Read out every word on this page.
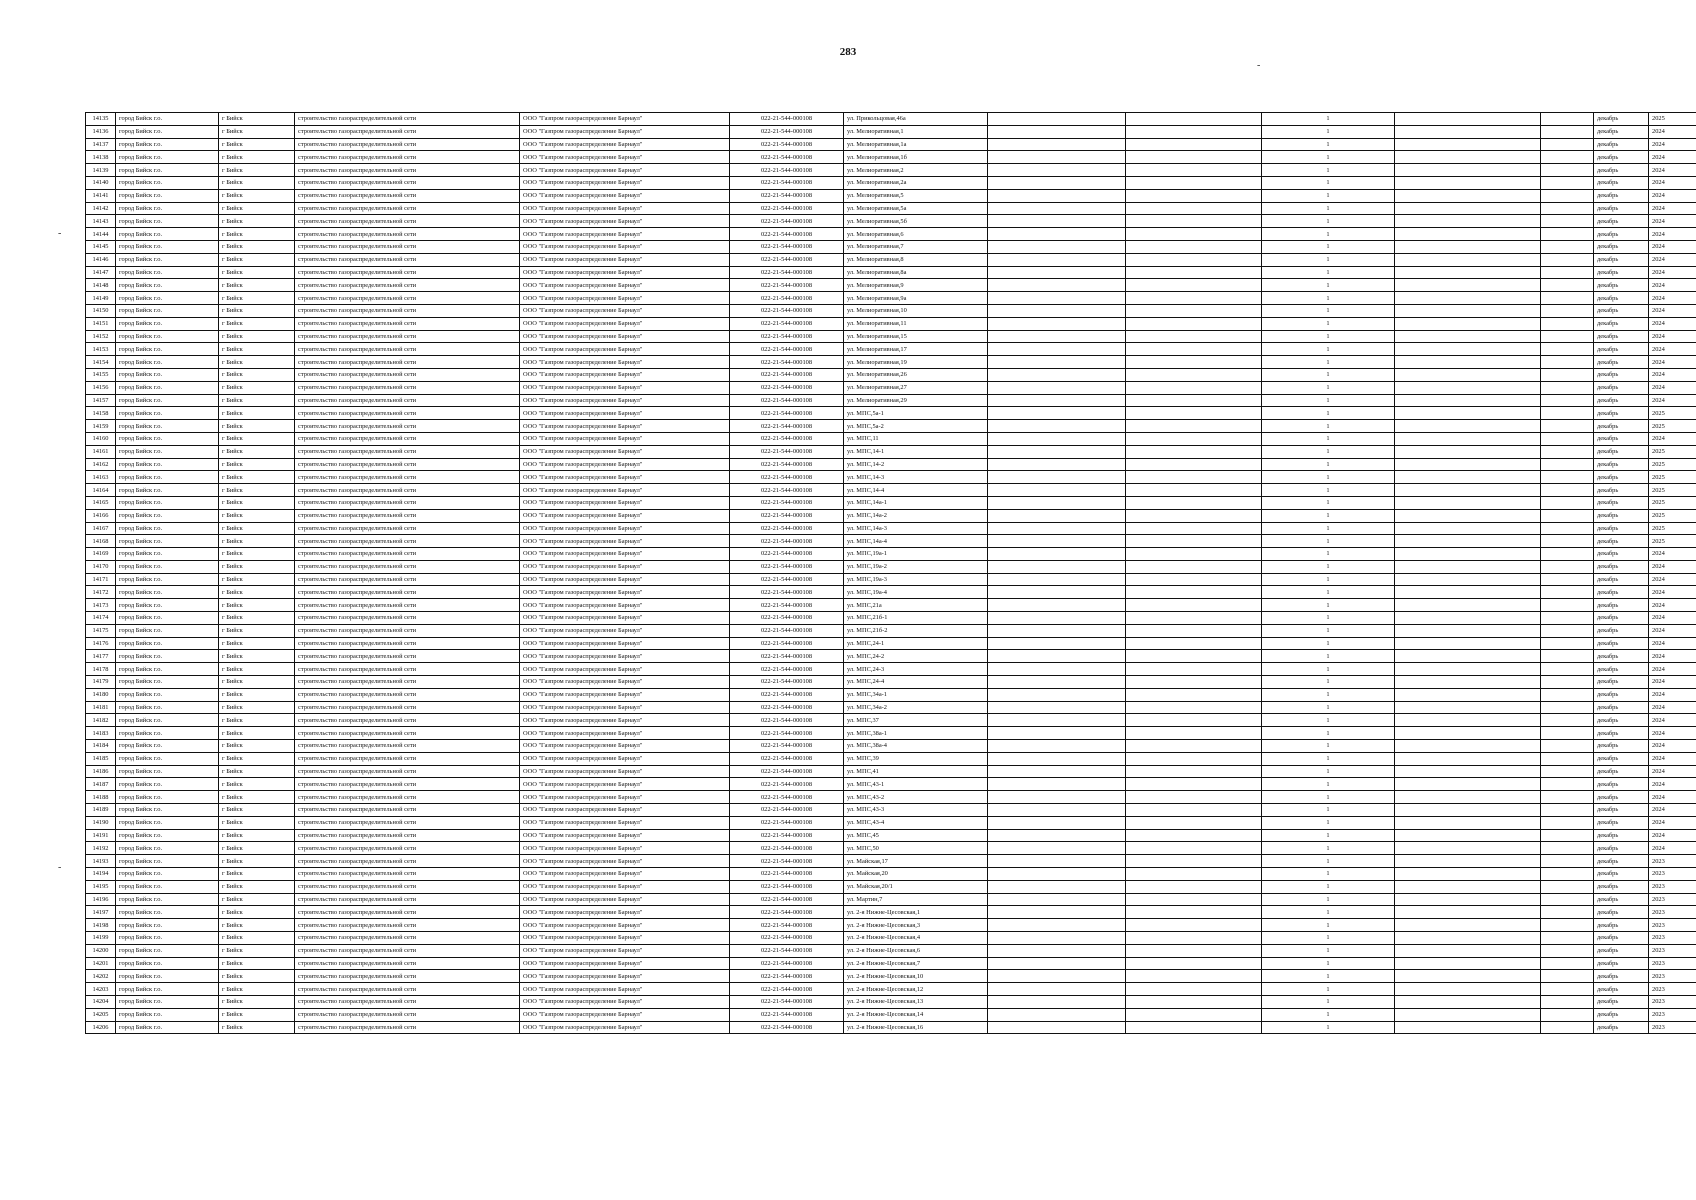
283
-
-
-
14135	город Бийск г.о.	г Бийск	строительство газораспределительной сети	ООО "Газпром газораспределение Барнаул"	022-21-544-000108	ул. Прикольцовая,46а			1			декабрь	2025
14136	город Бийск г.о.	г Бийск	строительство газораспределительной сети	ООО "Газпром газораспределение Барнаул"	022-21-544-000108	ул. Мелиоративная,1			1			декабрь	2024
14137	город Бийск г.о.	г Бийск	строительство газораспределительной сети	ООО "Газпром газораспределение Барнаул"	022-21-544-000108	ул. Мелиоративная,1а			1			декабрь	2024
14138	город Бийск г.о.	г Бийск	строительство газораспределительной сети	ООО "Газпром газораспределение Барнаул"	022-21-544-000108	ул. Мелиоративная,1б			1			декабрь	2024
14139	город Бийск г.о.	г Бийск	строительство газораспределительной сети	ООО "Газпром газораспределение Барнаул"	022-21-544-000108	ул. Мелиоративная,2			1			декабрь	2024
14140	город Бийск г.о.	г Бийск	строительство газораспределительной сети	ООО "Газпром газораспределение Барнаул"	022-21-544-000108	ул. Мелиоративная,2а			1			декабрь	2024
14141	город Бийск г.о.	г Бийск	строительство газораспределительной сети	ООО "Газпром газораспределение Барнаул"	022-21-544-000108	ул. Мелиоративная,5			1			декабрь	2024
14142	город Бийск г.о.	г Бийск	строительство газораспределительной сети	ООО "Газпром газораспределение Барнаул"	022-21-544-000108	ул. Мелиоративная,5а			1			декабрь	2024
14143	город Бийск г.о.	г Бийск	строительство газораспределительной сети	ООО "Газпром газораспределение Барнаул"	022-21-544-000108	ул. Мелиоративная,5б			1			декабрь	2024
14144	город Бийск г.о.	г Бийск	строительство газораспределительной сети	ООО "Газпром газораспределение Барнаул"	022-21-544-000108	ул. Мелиоративная,6			1			декабрь	2024
14145	город Бийск г.о.	г Бийск	строительство газораспределительной сети	ООО "Газпром газораспределение Барнаул"	022-21-544-000108	ул. Мелиоративная,7			1			декабрь	2024
14146	город Бийск г.о.	г Бийск	строительство газораспределительной сети	ООО "Газпром газораспределение Барнаул"	022-21-544-000108	ул. Мелиоративная,8			1			декабрь	2024
14147	город Бийск г.о.	г Бийск	строительство газораспределительной сети	ООО "Газпром газораспределение Барнаул"	022-21-544-000108	ул. Мелиоративная,8а			1			декабрь	2024
14148	город Бийск г.о.	г Бийск	строительство газораспределительной сети	ООО "Газпром газораспределение Барнаул"	022-21-544-000108	ул. Мелиоративная,9			1			декабрь	2024
14149	город Бийск г.о.	г Бийск	строительство газораспределительной сети	ООО "Газпром газораспределение Барнаул"	022-21-544-000108	ул. Мелиоративная,9а			1			декабрь	2024
14150	город Бийск г.о.	г Бийск	строительство газораспределительной сети	ООО "Газпром газораспределение Барнаул"	022-21-544-000108	ул. Мелиоративная,10			1			декабрь	2024
14151	город Бийск г.о.	г Бийск	строительство газораспределительной сети	ООО "Газпром газораспределение Барнаул"	022-21-544-000108	ул. Мелиоративная,11			1			декабрь	2024
14152	город Бийск г.о.	г Бийск	строительство газораспределительной сети	ООО "Газпром газораспределение Барнаул"	022-21-544-000108	ул. Мелиоративная,15			1			декабрь	2024
14153	город Бийск г.о.	г Бийск	строительство газораспределительной сети	ООО "Газпром газораспределение Барнаул"	022-21-544-000108	ул. Мелиоративная,17			1			декабрь	2024
14154	город Бийск г.о.	г Бийск	строительство газораспределительной сети	ООО "Газпром газораспределение Барнаул"	022-21-544-000108	ул. Мелиоративная,19			1			декабрь	2024
14155	город Бийск г.о.	г Бийск	строительство газораспределительной сети	ООО "Газпром газораспределение Барнаул"	022-21-544-000108	ул. Мелиоративная,26			1			декабрь	2024
14156	город Бийск г.о.	г Бийск	строительство газораспределительной сети	ООО "Газпром газораспределение Барнаул"	022-21-544-000108	ул. Мелиоративная,27			1			декабрь	2024
14157	город Бийск г.о.	г Бийск	строительство газораспределительной сети	ООО "Газпром газораспределение Барнаул"	022-21-544-000108	ул. Мелиоративная,29			1			декабрь	2024
14158	город Бийск г.о.	г Бийск	строительство газораспределительной сети	ООО "Газпром газораспределение Барнаул"	022-21-544-000108	ул. МПС,5а-1			1			декабрь	2025
14159	город Бийск г.о.	г Бийск	строительство газораспределительной сети	ООО "Газпром газораспределение Барнаул"	022-21-544-000108	ул. МПС,5а-2			1			декабрь	2025
14160	город Бийск г.о.	г Бийск	строительство газораспределительной сети	ООО "Газпром газораспределение Барнаул"	022-21-544-000108	ул. МПС,11			1			декабрь	2024
14161	город Бийск г.о.	г Бийск	строительство газораспределительной сети	ООО "Газпром газораспределение Барнаул"	022-21-544-000108	ул. МПС,14-1			1			декабрь	2025
14162	город Бийск г.о.	г Бийск	строительство газораспределительной сети	ООО "Газпром газораспределение Барнаул"	022-21-544-000108	ул. МПС,14-2			1			декабрь	2025
14163	город Бийск г.о.	г Бийск	строительство газораспределительной сети	ООО "Газпром газораспределение Барнаул"	022-21-544-000108	ул. МПС,14-3			1			декабрь	2025
14164	город Бийск г.о.	г Бийск	строительство газораспределительной сети	ООО "Газпром газораспределение Барнаул"	022-21-544-000108	ул. МПС,14-4			1			декабрь	2025
14165	город Бийск г.о.	г Бийск	строительство газораспределительной сети	ООО "Газпром газораспределение Барнаул"	022-21-544-000108	ул. МПС,14а-1			1			декабрь	2025
14166	город Бийск г.о.	г Бийск	строительство газораспределительной сети	ООО "Газпром газораспределение Барнаул"	022-21-544-000108	ул. МПС,14а-2			1			декабрь	2025
14167	город Бийск г.о.	г Бийск	строительство газораспределительной сети	ООО "Газпром газораспределение Барнаул"	022-21-544-000108	ул. МПС,14а-3			1			декабрь	2025
14168	город Бийск г.о.	г Бийск	строительство газораспределительной сети	ООО "Газпром газораспределение Барнаул"	022-21-544-000108	ул. МПС,14а-4			1			декабрь	2025
14169	город Бийск г.о.	г Бийск	строительство газораспределительной сети	ООО "Газпром газораспределение Барнаул"	022-21-544-000108	ул. МПС,19а-1			1			декабрь	2024
14170	город Бийск г.о.	г Бийск	строительство газораспределительной сети	ООО "Газпром газораспределение Барнаул"	022-21-544-000108	ул. МПС,19а-2			1			декабрь	2024
14171	город Бийск г.о.	г Бийск	строительство газораспределительной сети	ООО "Газпром газораспределение Барнаул"	022-21-544-000108	ул. МПС,19а-3			1			декабрь	2024
14172	город Бийск г.о.	г Бийск	строительство газораспределительной сети	ООО "Газпром газораспределение Барнаул"	022-21-544-000108	ул. МПС,19а-4			1			декабрь	2024
14173	город Бийск г.о.	г Бийск	строительство газораспределительной сети	ООО "Газпром газораспределение Барнаул"	022-21-544-000108	ул. МПС,21а			1			декабрь	2024
14174	город Бийск г.о.	г Бийск	строительство газораспределительной сети	ООО "Газпром газораспределение Барнаул"	022-21-544-000108	ул. МПС,21б-1			1			декабрь	2024
14175	город Бийск г.о.	г Бийск	строительство газораспределительной сети	ООО "Газпром газораспределение Барнаул"	022-21-544-000108	ул. МПС,21б-2			1			декабрь	2024
14176	город Бийск г.о.	г Бийск	строительство газораспределительной сети	ООО "Газпром газораспределение Барнаул"	022-21-544-000108	ул. МПС,24-1			1			декабрь	2024
14177	город Бийск г.о.	г Бийск	строительство газораспределительной сети	ООО "Газпром газораспределение Барнаул"	022-21-544-000108	ул. МПС,24-2			1			декабрь	2024
14178	город Бийск г.о.	г Бийск	строительство газораспределительной сети	ООО "Газпром газораспределение Барнаул"	022-21-544-000108	ул. МПС,24-3			1			декабрь	2024
14179	город Бийск г.о.	г Бийск	строительство газораспределительной сети	ООО "Газпром газораспределение Барнаул"	022-21-544-000108	ул. МПС,24-4			1			декабрь	2024
14180	город Бийск г.о.	г Бийск	строительство газораспределительной сети	ООО "Газпром газораспределение Барнаул"	022-21-544-000108	ул. МПС,34а-1			1			декабрь	2024
14181	город Бийск г.о.	г Бийск	строительство газораспределительной сети	ООО "Газпром газораспределение Барнаул"	022-21-544-000108	ул. МПС,34а-2			1			декабрь	2024
14182	город Бийск г.о.	г Бийск	строительство газораспределительной сети	ООО "Газпром газораспределение Барнаул"	022-21-544-000108	ул. МПС,37			1			декабрь	2024
14183	город Бийск г.о.	г Бийск	строительство газораспределительной сети	ООО "Газпром газораспределение Барнаул"	022-21-544-000108	ул. МПС,38а-1			1			декабрь	2024
14184	город Бийск г.о.	г Бийск	строительство газораспределительной сети	ООО "Газпром газораспределение Барнаул"	022-21-544-000108	ул. МПС,38а-4			1			декабрь	2024
14185	город Бийск г.о.	г Бийск	строительство газораспределительной сети	ООО "Газпром газораспределение Барнаул"	022-21-544-000108	ул. МПС,39			1			декабрь	2024
14186	город Бийск г.о.	г Бийск	строительство газораспределительной сети	ООО "Газпром газораспределение Барнаул"	022-21-544-000108	ул. МПС,41			1			декабрь	2024
14187	город Бийск г.о.	г Бийск	строительство газораспределительной сети	ООО "Газпром газораспределение Барнаул"	022-21-544-000108	ул. МПС,43-1			1			декабрь	2024
14188	город Бийск г.о.	г Бийск	строительство газораспределительной сети	ООО "Газпром газораспределение Барнаул"	022-21-544-000108	ул. МПС,43-2			1			декабрь	2024
14189	город Бийск г.о.	г Бийск	строительство газораспределительной сети	ООО "Газпром газораспределение Барнаул"	022-21-544-000108	ул. МПС,43-3			1			декабрь	2024
14190	город Бийск г.о.	г Бийск	строительство газораспределительной сети	ООО "Газпром газораспределение Барнаул"	022-21-544-000108	ул. МПС,43-4			1			декабрь	2024
14191	город Бийск г.о.	г Бийск	строительство газораспределительной сети	ООО "Газпром газораспределение Барнаул"	022-21-544-000108	ул. МПС,45			1			декабрь	2024
14192	город Бийск г.о.	г Бийск	строительство газораспределительной сети	ООО "Газпром газораспределение Барнаул"	022-21-544-000108	ул. МПС,50			1			декабрь	2024
14193	город Бийск г.о.	г Бийск	строительство газораспределительной сети	ООО "Газпром газораспределение Барнаул"	022-21-544-000108	ул. Майская,17			1			декабрь	2023
14194	город Бийск г.о.	г Бийск	строительство газораспределительной сети	ООО "Газпром газораспределение Барнаул"	022-21-544-000108	ул. Майская,20			1			декабрь	2023
14195	город Бийск г.о.	г Бийск	строительство газораспределительной сети	ООО "Газпром газораспределение Барнаул"	022-21-544-000108	ул. Майская,20/1			1			декабрь	2023
14196	город Бийск г.о.	г Бийск	строительство газораспределительной сети	ООО "Газпром газораспределение Барнаул"	022-21-544-000108	ул. Мартин,7			1			декабрь	2023
14197	город Бийск г.о.	г Бийск	строительство газораспределительной сети	ООО "Газпром газораспределение Барнаул"	022-21-544-000108	ул. 2-я Нижне-Цесовская,1			1			декабрь	2023
14198	город Бийск г.о.	г Бийск	строительство газораспределительной сети	ООО "Газпром газораспределение Барнаул"	022-21-544-000108	ул. 2-я Нижне-Цесовская,3			1			декабрь	2023
14199	город Бийск г.о.	г Бийск	строительство газораспределительной сети	ООО "Газпром газораспределение Барнаул"	022-21-544-000108	ул. 2-я Нижне-Цесовская,4			1			декабрь	2023
14200	город Бийск г.о.	г Бийск	строительство газораспределительной сети	ООО "Газпром газораспределение Барнаул"	022-21-544-000108	ул. 2-я Нижне-Цесовская,6			1			декабрь	2023
14201	город Бийск г.о.	г Бийск	строительство газораспределительной сети	ООО "Газпром газораспределение Барнаул"	022-21-544-000108	ул. 2-я Нижне-Цесовская,7			1			декабрь	2023
14202	город Бийск г.о.	г Бийск	строительство газораспределительной сети	ООО "Газпром газораспределение Барнаул"	022-21-544-000108	ул. 2-я Нижне-Цесовская,10			1			декабрь	2023
14203	город Бийск г.о.	г Бийск	строительство газораспределительной сети	ООО "Газпром газораспределение Барнаул"	022-21-544-000108	ул. 2-я Нижне-Цесовская,12			1			декабрь	2023
14204	город Бийск г.о.	г Бийск	строительство газораспределительной сети	ООО "Газпром газораспределение Барнаул"	022-21-544-000108	ул. 2-я Нижне-Цесовская,13			1			декабрь	2023
14205	город Бийск г.о.	г Бийск	строительство газораспределительной сети	ООО "Газпром газораспределение Барнаул"	022-21-544-000108	ул. 2-я Нижне-Цесовская,14			1			декабрь	2023
14206	город Бийск г.о.	г Бийск	строительство газораспределительной сети	ООО "Газпром газораспределение Барнаул"	022-21-544-000108	ул. 2-я Нижне-Цесовская,16			1			декабрь	2023
